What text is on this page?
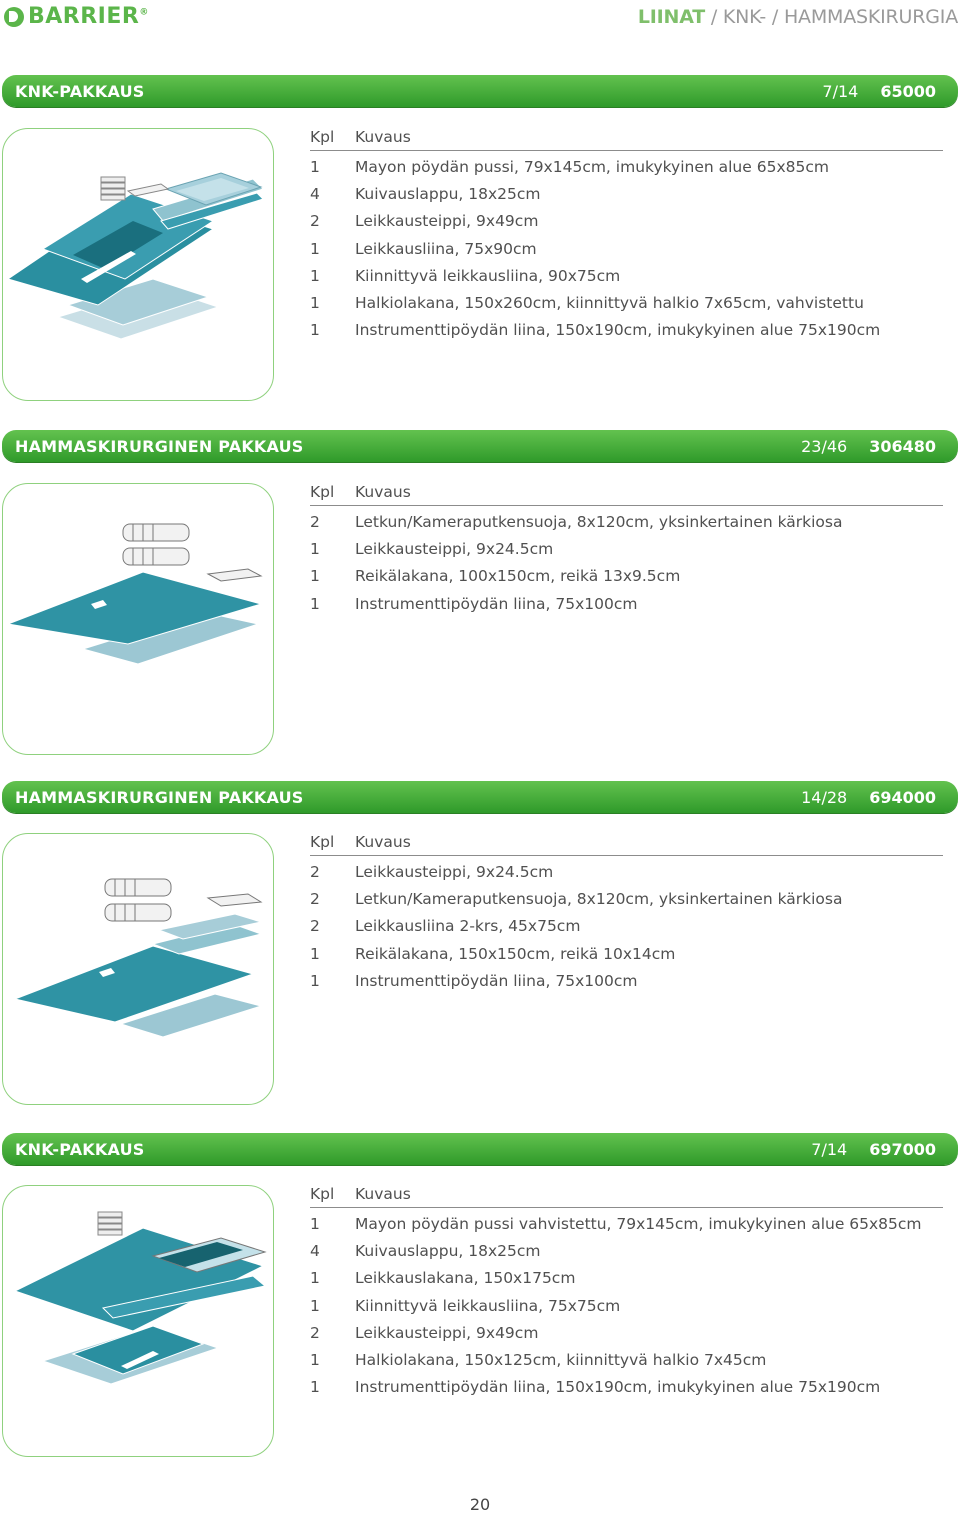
BARRIER®	LIINAT / KNK- / HAMMASKIRURGIA
KNK-PAKKAUS	7/14 65000
Kpl	Kuvaus
1	Mayon pöydän pussi, 79x145cm, imukykyinen alue 65x85cm
4	Kuivauslappu, 18x25cm
2	Leikkausteippi, 9x49cm
1	Leikkausliina, 75x90cm
1	Kiinnittyvä leikkausliina, 90x75cm
1	Halkiolakana, 150x260cm, kiinnittyvä halkio 7x65cm, vahvistettu
1	Instrumenttipöydän liina, 150x190cm, imukykyinen alue 75x190cm
HAMMASKIRURGINEN PAKKAUS	23/46 306480
Kpl	Kuvaus
2	Letkun/Kameraputkensuoja, 8x120cm, yksinkertainen kärkiosa
1	Leikkausteippi, 9x24.5cm
1	Reikälakana, 100x150cm, reikä 13x9.5cm
1	Instrumenttipöydän liina, 75x100cm
HAMMASKIRURGINEN PAKKAUS	14/28 694000
Kpl	Kuvaus
2	Leikkausteippi, 9x24.5cm
2	Letkun/Kameraputkensuoja, 8x120cm, yksinkertainen kärkiosa
2	Leikkausliina 2-krs, 45x75cm
1	Reikälakana, 150x150cm, reikä 10x14cm
1	Instrumenttipöydän liina, 75x100cm
KNK-PAKKAUS	7/14 697000
Kpl	Kuvaus
1	Mayon pöydän pussi vahvistettu, 79x145cm, imukykyinen alue 65x85cm
4	Kuivauslappu, 18x25cm
1	Leikkauslakana, 150x175cm
1	Kiinnittyvä leikkausliina, 75x75cm
2	Leikkausteippi, 9x49cm
1	Halkiolakana, 150x125cm, kiinnittyvä halkio 7x45cm
1	Instrumenttipöydän liina, 150x190cm, imukykyinen alue 75x190cm
20
